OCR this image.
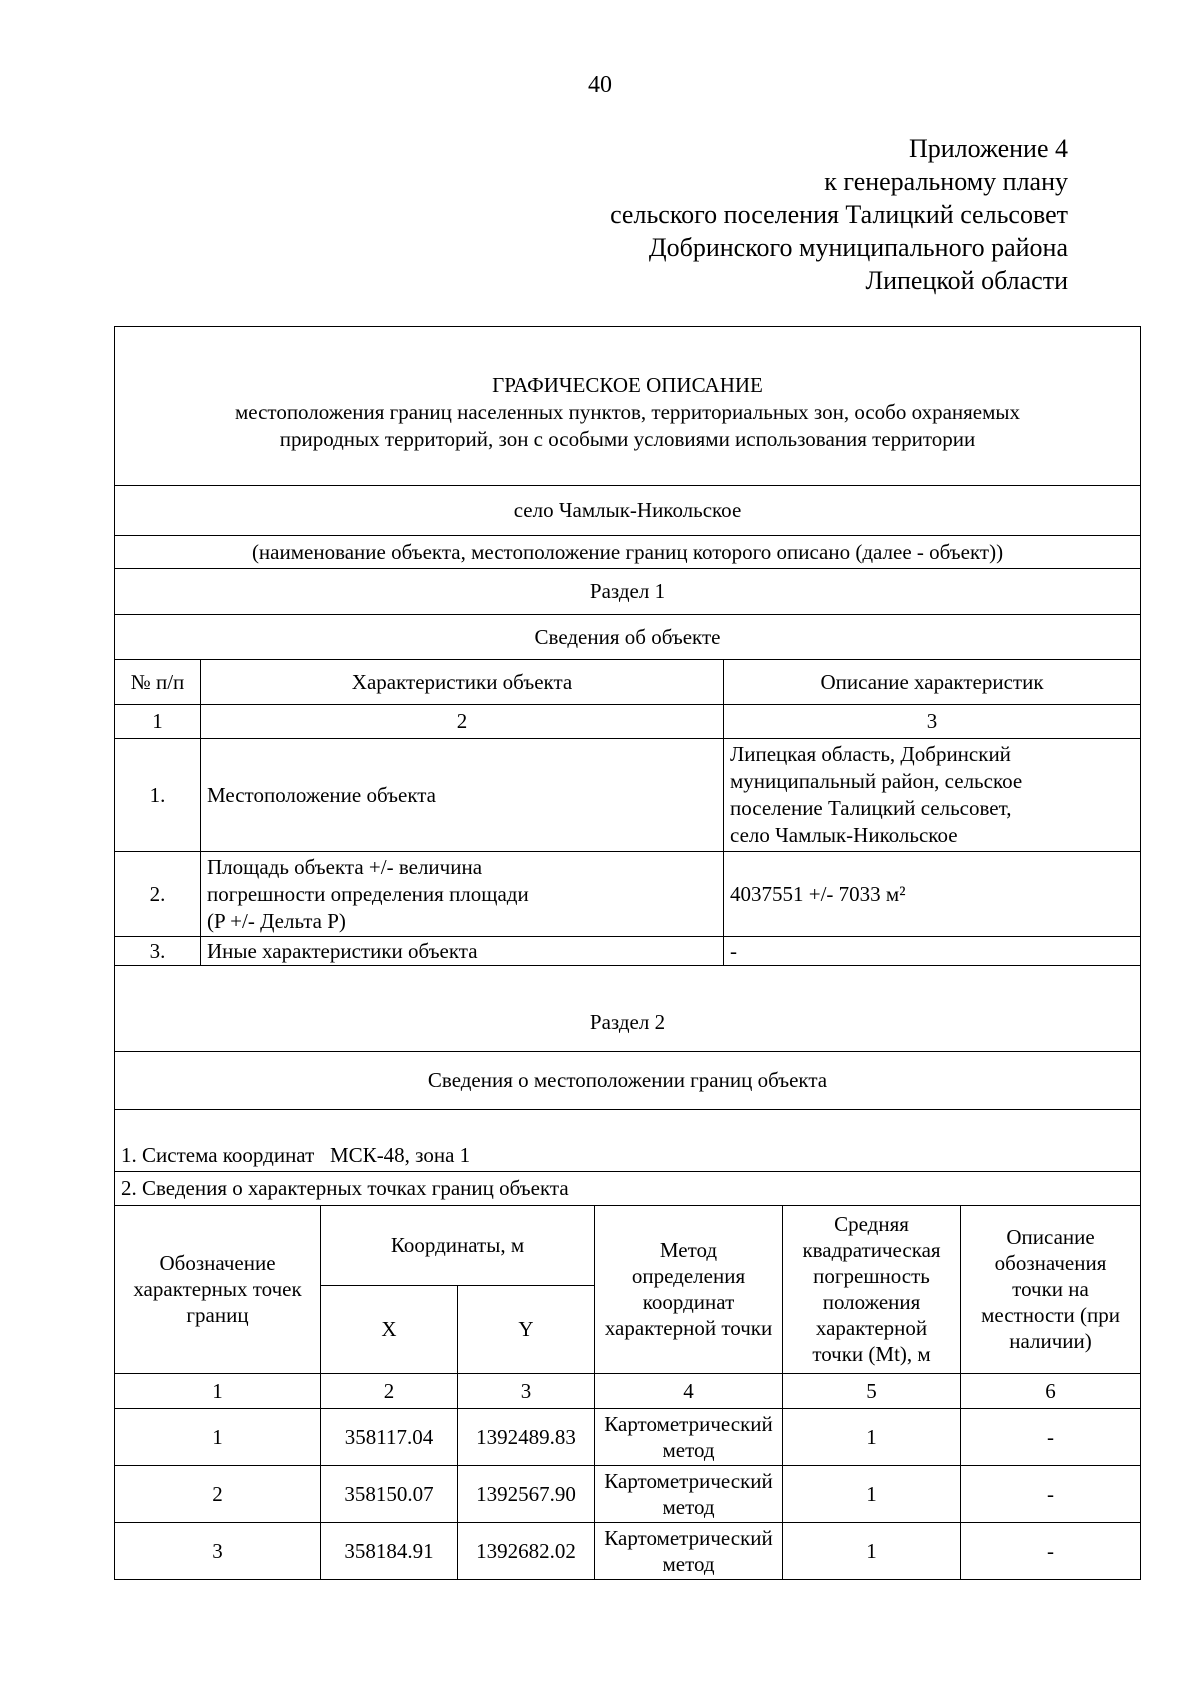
40
Приложение 4
к генеральному плану
сельского поселения Талицкий сельсовет
Добринского муниципального района
Липецкой области
ГРАФИЧЕСКОЕ ОПИСАНИЕ
местоположения границ населенных пунктов, территориальных зон, особо охраняемых
природных территорий, зон с особыми условиями использования территории		

село Чамлык-Никольское		
(наименование объекта, местоположение границ которого описано (далее - объект))		
Раздел 1		
Сведения об объекте		
№ п/п	Характеристики объекта	Описание характеристик
1	2	3
1.	Местоположение объекта	Липецкая область, Добринский
муниципальный район, сельское
поселение Талицкий сельсовет,
село Чамлык-Никольское

2.	Площадь объекта +/- величина
погрешности определения площади
(P +/- Дельта P)	4037551 +/- 7033 м²
3.	Иные характеристики объекта	-
Раздел 2		
Сведения о местоположении границ объекта		
1. Система координат   МСК-48, зона 1		
2. Сведения о характерных точках границ объекта		
Обозначение характерных точек границ	Координаты, м		Метод определения координат характерной точки	Средняя квадратическая погрешность положения характерной точки (Mt), м	Описание обозначения точки на местности (при наличии)
	X	Y			
1	2	3	4	5	6
1	358117.04	1392489.83	Картометрический метод	1	-
2	358150.07	1392567.90	Картометрический метод	1	-
3	358184.91	1392682.02	Картометрический метод	1	-
